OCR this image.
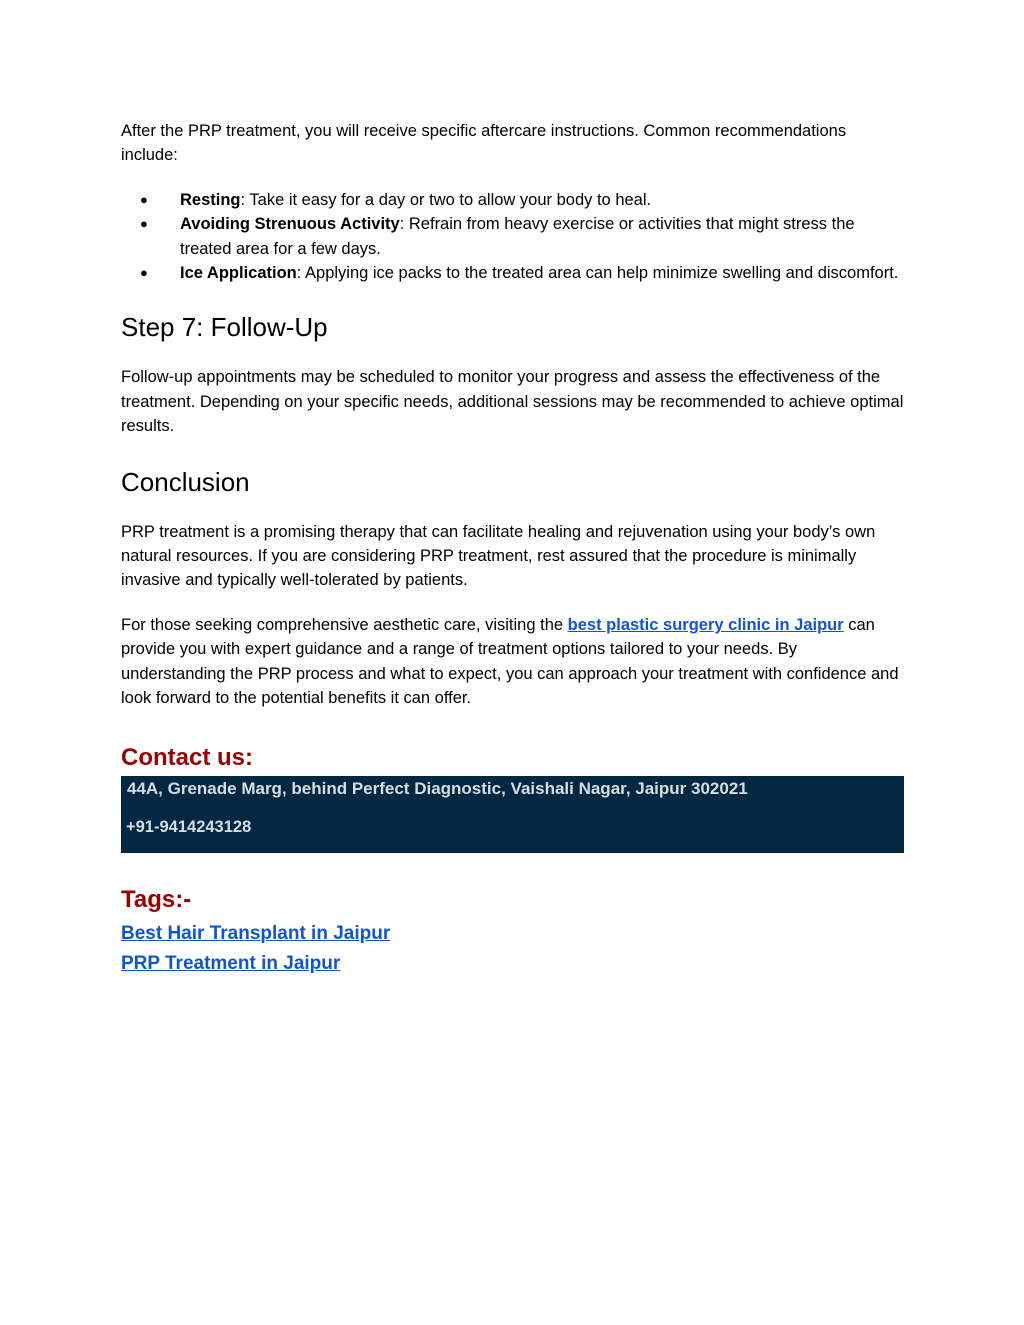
After the PRP treatment, you will receive specific aftercare instructions. Common recommendations include:

● Resting: Take it easy for a day or two to allow your body to heal.
● Avoiding Strenuous Activity: Refrain from heavy exercise or activities that might stress the treated area for a few days.
● Ice Application: Applying ice packs to the treated area can help minimize swelling and discomfort.
Step 7: Follow-Up

Follow-up appointments may be scheduled to monitor your progress and assess the effectiveness of the treatment. Depending on your specific needs, additional sessions may be recommended to achieve optimal results.

Conclusion

PRP treatment is a promising therapy that can facilitate healing and rejuvenation using your body’s own natural resources. If you are considering PRP treatment, rest assured that the procedure is minimally invasive and typically well-tolerated by patients.

For those seeking comprehensive aesthetic care, visiting the best plastic surgery clinic in Jaipur can provide you with expert guidance and a range of treatment options tailored to your needs. By understanding the PRP process and what to expect, you can approach your treatment with confidence and look forward to the potential benefits it can offer.

Contact us:
44A, Grenade Marg, behind Perfect Diagnostic, Vaishali Nagar, Jaipur 302021
+91-9414243128
Tags:-
Best Hair Transplant in Jaipur
PRP Treatment in Jaipur
